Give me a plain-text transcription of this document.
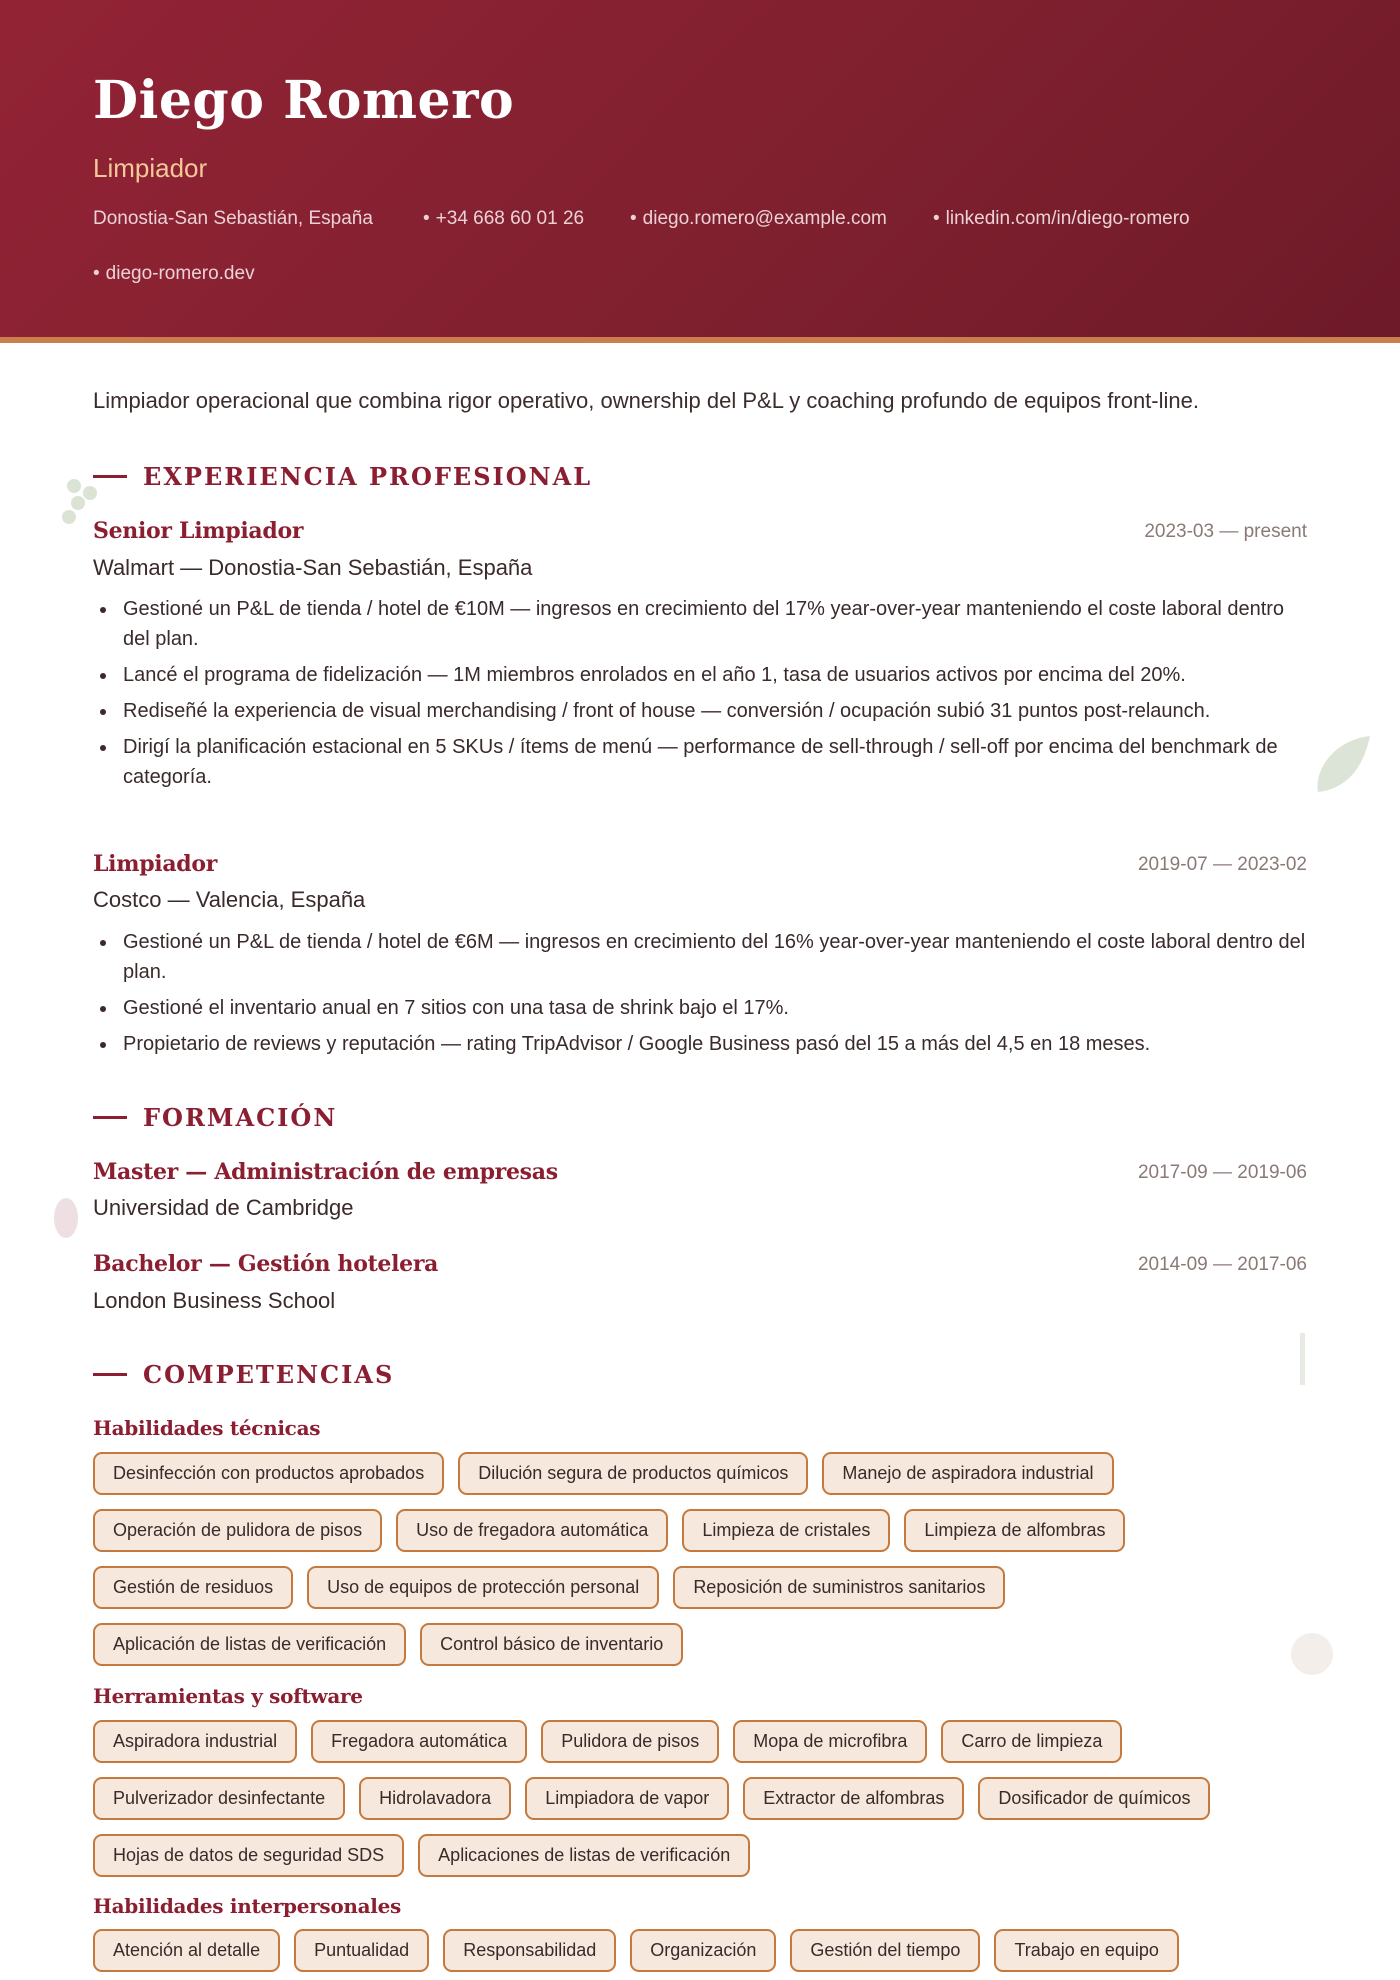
Diego Romero
Limpiador
Donostia-San Sebastián, España	• +34 668 60 01 26 • diego.romero@example.com • linkedin.com/in/diego-romero
• diego-romero.dev
Limpiador operacional que combina rigor operativo, ownership del P&L y coaching profundo de equipos front-line.
EXPERIENCIA PROFESIONAL
Senior Limpiador	2023-03 — present
Walmart — Donostia-San Sebastián, España
Gestioné un P&L de tienda / hotel de €10M — ingresos en crecimiento del 17% year-over-year manteniendo el coste laboral dentro del plan.
Lancé el programa de fidelización — 1M miembros enrolados en el año 1, tasa de usuarios activos por encima del 20%.
Rediseñé la experiencia de visual merchandising / front of house — conversión / ocupación subió 31 puntos post-relaunch.
Dirigí la planificación estacional en 5 SKUs / ítems de menú — performance de sell-through / sell-off por encima del benchmark de categoría.
Limpiador	2019-07 — 2023-02
Costco — Valencia, España
Gestioné un P&L de tienda / hotel de €6M — ingresos en crecimiento del 16% year-over-year manteniendo el coste laboral dentro del plan.
Gestioné el inventario anual en 7 sitios con una tasa de shrink bajo el 17%.
Propietario de reviews y reputación — rating TripAdvisor / Google Business pasó del 15 a más del 4,5 en 18 meses.
FORMACIÓN
Master — Administración de empresas	2017-09 — 2019-06
Universidad de Cambridge
Bachelor — Gestión hotelera	2014-09 — 2017-06
London Business School
COMPETENCIAS
Habilidades técnicas
Desinfección con productos aprobados	Dilución segura de productos químicos	Manejo de aspiradora industrial
Operación de pulidora de pisos	Uso de fregadora automática	Limpieza de cristales	Limpieza de alfombras
Gestión de residuos	Uso de equipos de protección personal	Reposición de suministros sanitarios
Aplicación de listas de verificación	Control básico de inventario
Herramientas y software
Aspiradora industrial	Fregadora automática	Pulidora de pisos	Mopa de microfibra	Carro de limpieza
Pulverizador desinfectante	Hidrolavadora	Limpiadora de vapor	Extractor de alfombras	Dosificador de químicos
Hojas de datos de seguridad SDS	Aplicaciones de listas de verificación
Habilidades interpersonales
Atención al detalle	Puntualidad	Responsabilidad	Organización	Gestión del tiempo	Trabajo en equipo
